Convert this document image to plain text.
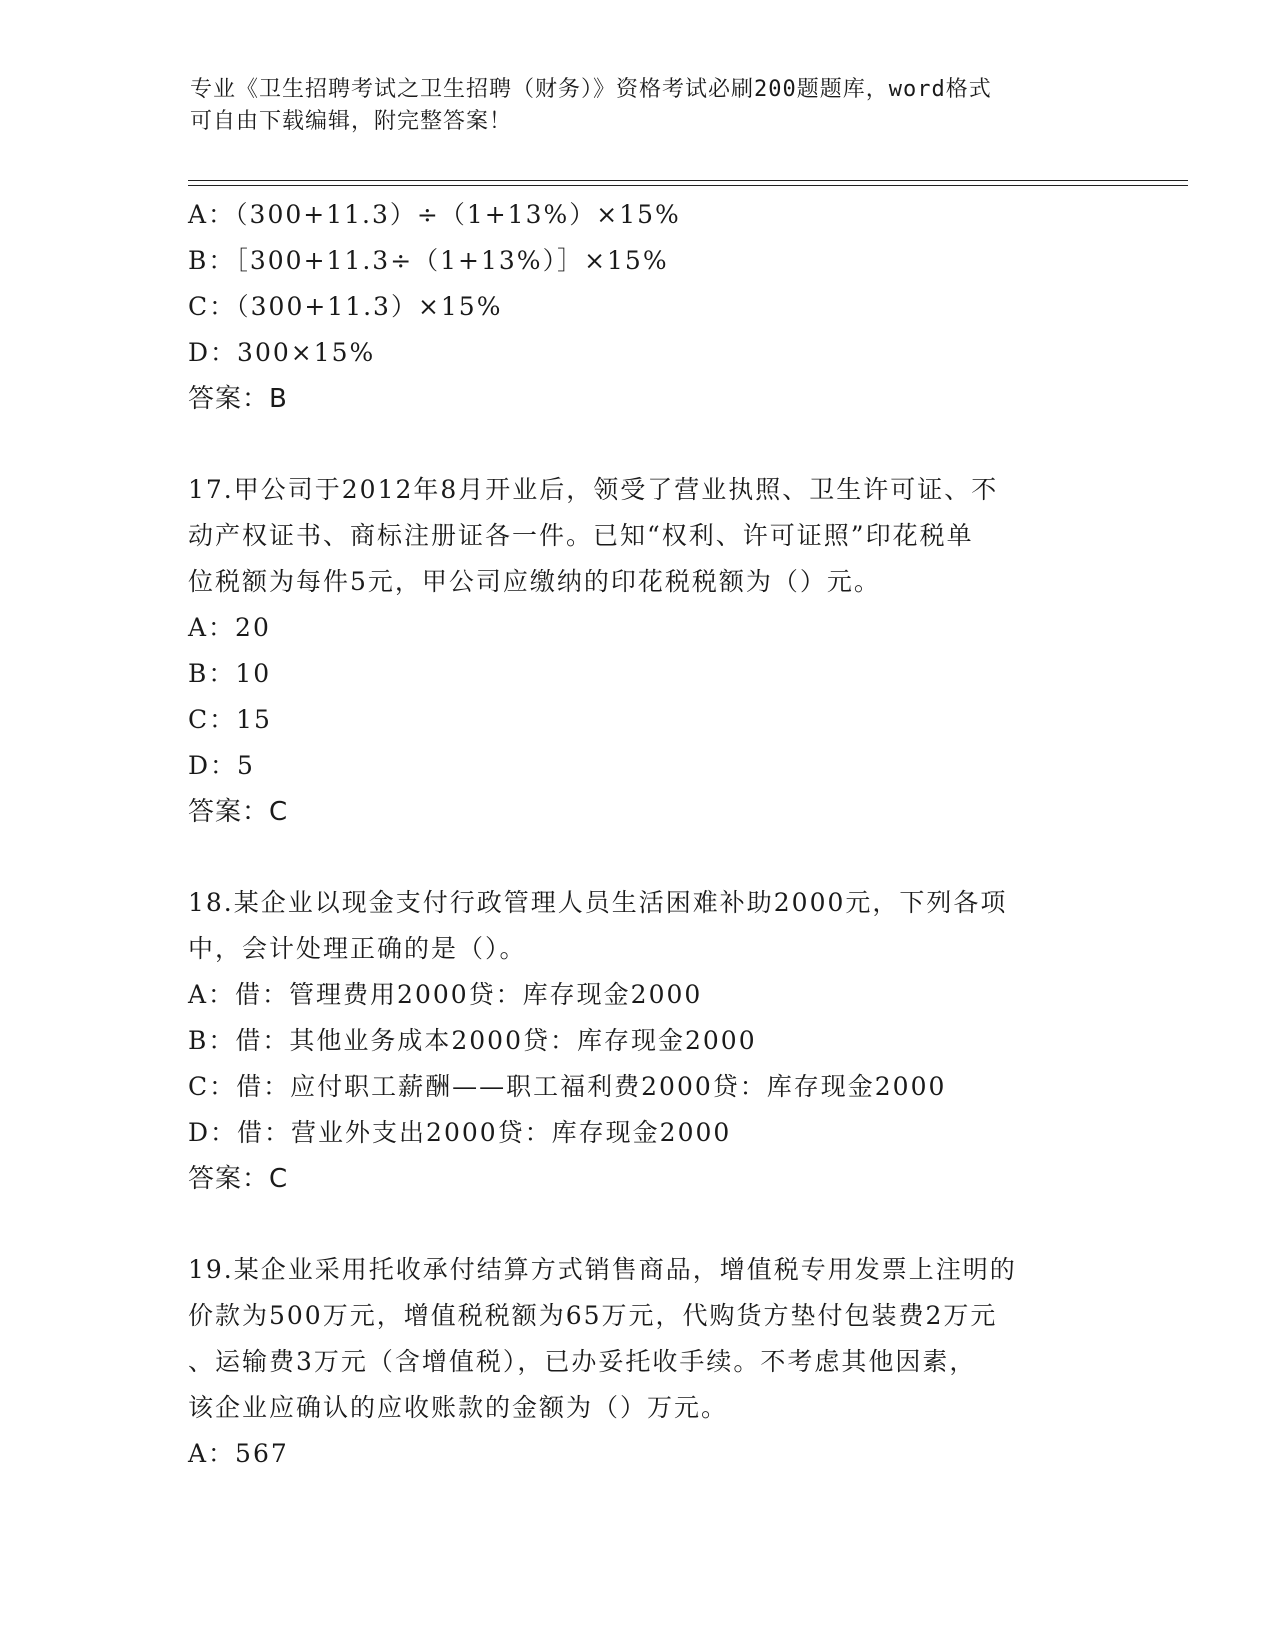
专业《卫生招聘考试之卫生招聘（财务）》资格考试必刷200题题库，word格式
可自由下载编辑，附完整答案！
A：（300+11.3）÷（1+13%）×15%
B：［300+11.3÷（1+13%）］×15%
C：（300+11.3）×15%
D：300×15%
答案：B

17.甲公司于2012年8月开业后，领受了营业执照、卫生许可证、不

动产权证书、商标注册证各一件。已知“权利、许可证照”印花税单

位税额为每件5元，甲公司应缴纳的印花税税额为（）元。

A：20
B：10
C：15
D：5
答案：C

18.某企业以现金支付行政管理人员生活困难补助2000元，下列各项

中，会计处理正确的是（）。

A：借：管理费用2000贷：库存现金2000
B：借：其他业务成本2000贷：库存现金2000
C：借：应付职工薪酬——职工福利费2000贷：库存现金2000
D：借：营业外支出2000贷：库存现金2000
答案：C

19.某企业采用托收承付结算方式销售商品，增值税专用发票上注明的

价款为500万元，增值税税额为65万元，代购货方垫付包装费2万元

、运输费3万元（含增值税），已办妥托收手续。不考虑其他因素，

该企业应确认的应收账款的金额为（）万元。

A：567
